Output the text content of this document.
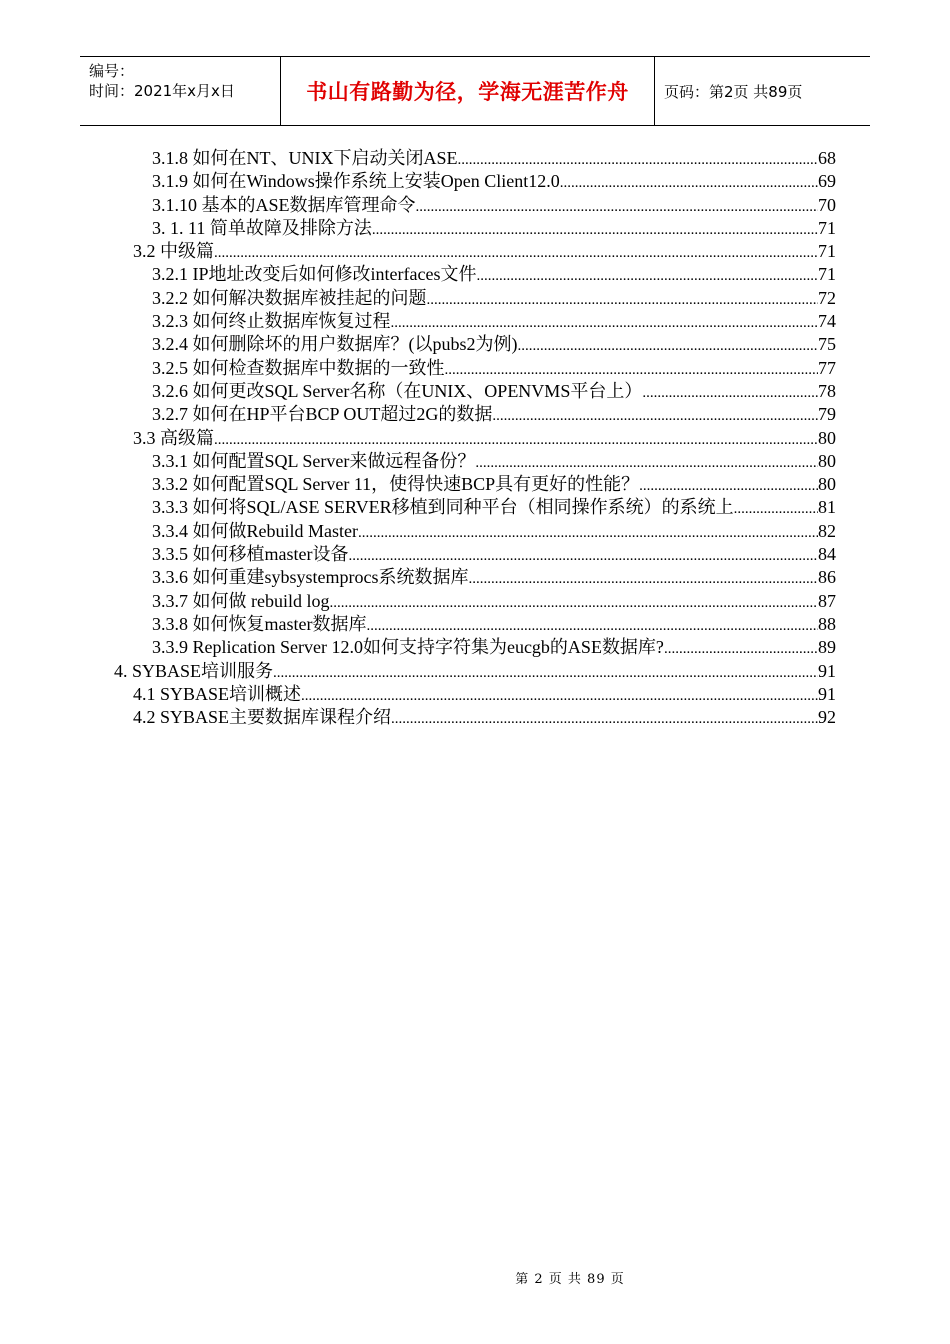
编号：
时间：2021年x月x日	书山有路勤为径，学海无涯苦作舟	页码：第2页 共89页
3.1.8 如何在NT、UNIX下启动关闭ASE .....	68
3.1.9 如何在Windows操作系统上安装Open Client12.0 .....	69
3.1.10 基本的ASE数据库管理命令 .....	70
3. 1. 11 简单故障及排除方法 .....	71
3.2 中级篇 .....	71
3.2.1 IP地址改变后如何修改interfaces文件 .....	71
3.2.2 如何解决数据库被挂起的问题 .....	72
3.2.3 如何终止数据库恢复过程 .....	74
3.2.4 如何删除坏的用户数据库？(以pubs2为例) .....	75
3.2.5 如何检查数据库中数据的一致性 .....	77
3.2.6 如何更改SQL Server名称（在UNIX、OPENVMS平台上） .....	78
3.2.7 如何在HP平台BCP OUT超过2G的数据 .....	79
3.3 高级篇 .....	80
3.3.1 如何配置SQL Server来做远程备份？ .....	80
3.3.2 如何配置SQL Server 11，使得快速BCP具有更好的性能？ .....	80
3.3.3 如何将SQL/ASE SERVER移植到同种平台（相同操作系统）的系统上 .....	81
3.3.4 如何做Rebuild Master .....	82
3.3.5 如何移植master设备 .....	84
3.3.6 如何重建sybsystemprocs系统数据库 .....	86
3.3.7 如何做 rebuild log .....	87
3.3.8 如何恢复master数据库 .....	88
3.3.9 Replication Server 12.0如何支持字符集为eucgb的ASE数据库? .....	89
4. SYBASE培训服务 .....	91
4.1 SYBASE培训概述 .....	91
4.2 SYBASE主要数据库课程介绍 .....	92
第 2 页 共 89 页
